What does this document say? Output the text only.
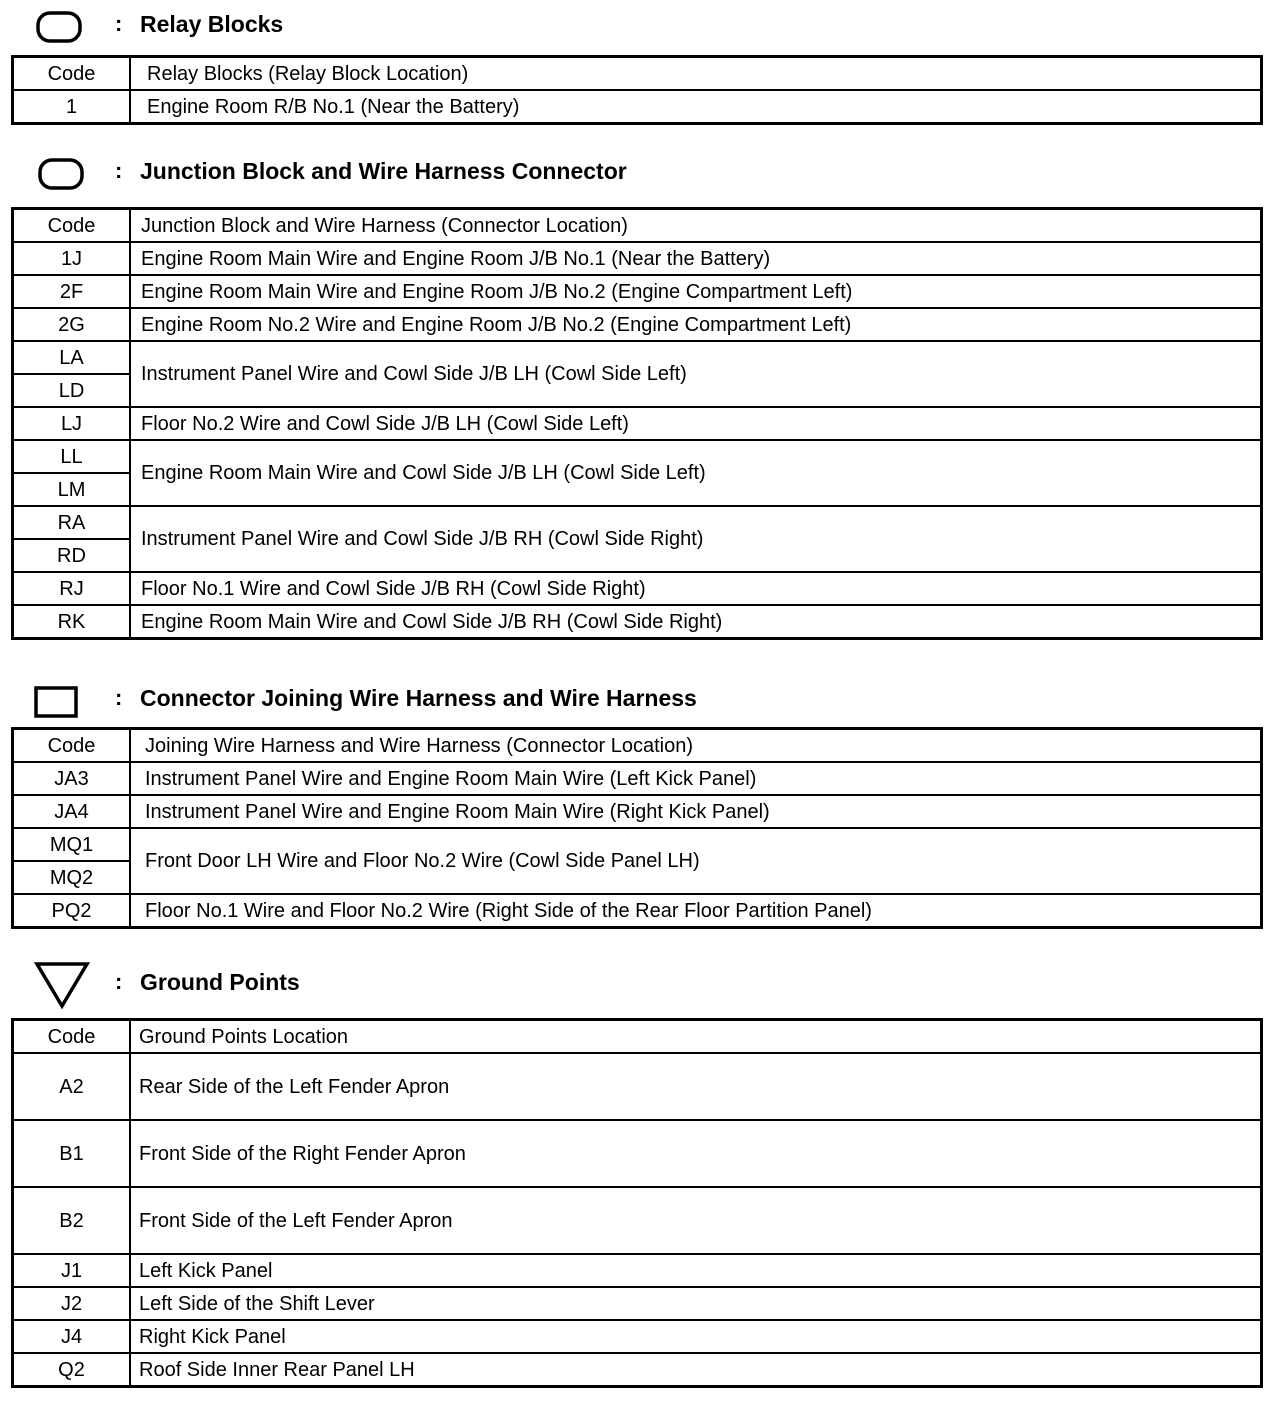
: Relay Blocks
Code	Relay Blocks (Relay Block Location)
1	Engine Room R/B No.1 (Near the Battery)
: Junction Block and Wire Harness Connector
Code	Junction Block and Wire Harness (Connector Location)
1J	Engine Room Main Wire and Engine Room J/B No.1 (Near the Battery)
2F	Engine Room Main Wire and Engine Room J/B No.2 (Engine Compartment Left)
2G	Engine Room No.2 Wire and Engine Room J/B No.2 (Engine Compartment Left)
LA	Instrument Panel Wire and Cowl Side J/B LH (Cowl Side Left)
LD	
LJ	Floor No.2 Wire and Cowl Side J/B LH (Cowl Side Left)
LL	Engine Room Main Wire and Cowl Side J/B LH (Cowl Side Left)
LM	
RA	Instrument Panel Wire and Cowl Side J/B RH (Cowl Side Right)
RD	
RJ	Floor No.1 Wire and Cowl Side J/B RH (Cowl Side Right)
RK	Engine Room Main Wire and Cowl Side J/B RH (Cowl Side Right)
: Connector Joining Wire Harness and Wire Harness
Code	Joining Wire Harness and Wire Harness (Connector Location)
JA3	Instrument Panel Wire and Engine Room Main Wire (Left Kick Panel)
JA4	Instrument Panel Wire and Engine Room Main Wire (Right Kick Panel)
MQ1	Front Door LH Wire and Floor No.2 Wire (Cowl Side Panel LH)
MQ2	
PQ2	Floor No.1 Wire and Floor No.2 Wire (Right Side of the Rear Floor Partition Panel)
: Ground Points
Code	Ground Points Location
A2	Rear Side of the Left Fender Apron
B1	Front Side of the Right Fender Apron
B2	Front Side of the Left Fender Apron
J1	Left Kick Panel
J2	Left Side of the Shift Lever
J4	Right Kick Panel
Q2	Roof Side Inner Rear Panel LH
